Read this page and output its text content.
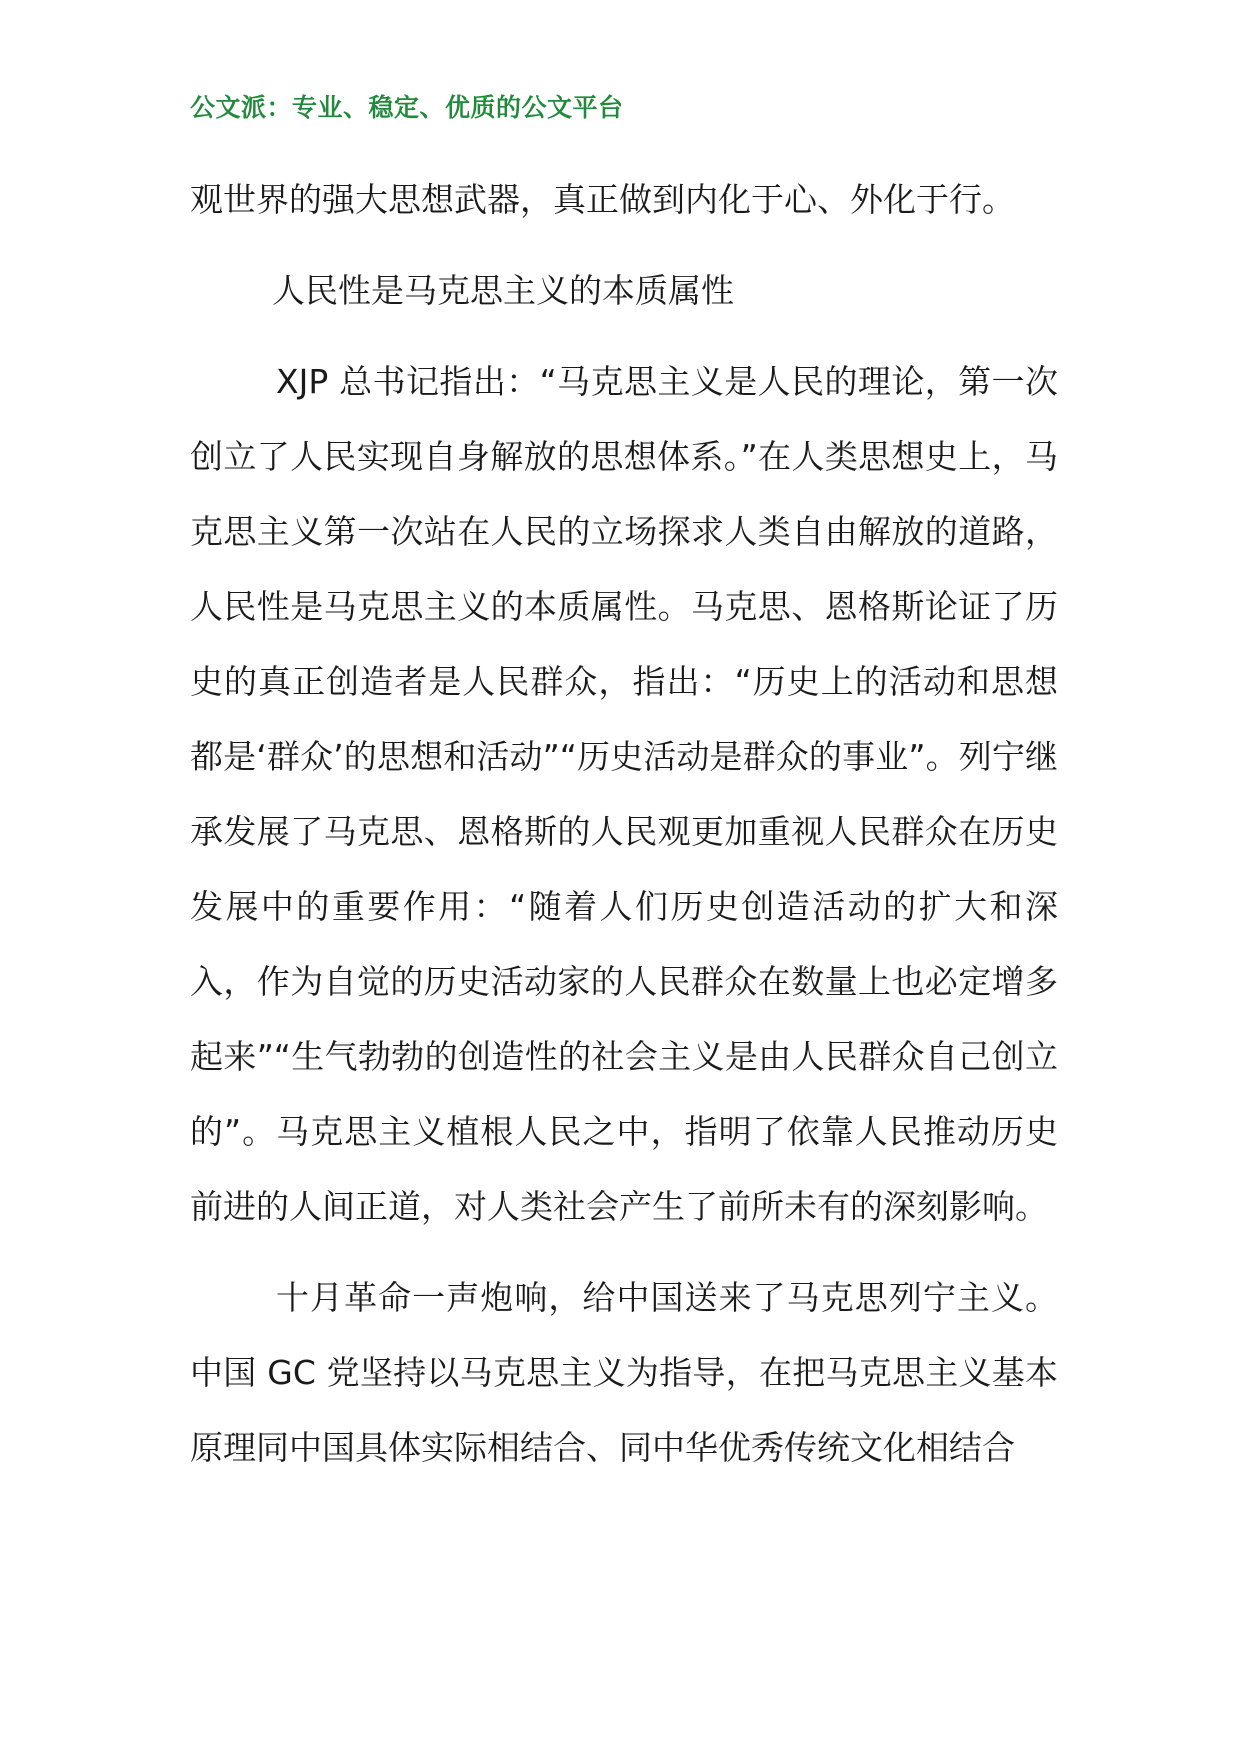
公文派：专业、稳定、优质的公文平台

观世界的强大思想武器，真正做到内化于心、外化于行。

人民性是马克思主义的本质属性

XJP 总书记指出：“马克思主义是人民的理论，第一次创立了人民实现自身解放的思想体系。”在人类思想史上，马克思主义第一次站在人民的立场探求人类自由解放的道路，人民性是马克思主义的本质属性。马克思、恩格斯论证了历史的真正创造者是人民群众，指出：“历史上的活动和思想都是‘群众’的思想和活动”“历史活动是群众的事业”。列宁继承发展了马克思、恩格斯的人民观更加重视人民群众在历史发展中的重要作用：“随着人们历史创造活动的扩大和深入，作为自觉的历史活动家的人民群众在数量上也必定增多起来”“生气勃勃的创造性的社会主义是由人民群众自己创立的”。马克思主义植根人民之中，指明了依靠人民推动历史前进的人间正道，对人类社会产生了前所未有的深刻影响。

十月革命一声炮响，给中国送来了马克思列宁主义。中国 GC 党坚持以马克思主义为指导，在把马克思主义基本原理同中国具体实际相结合、同中华优秀传统文化相结合
